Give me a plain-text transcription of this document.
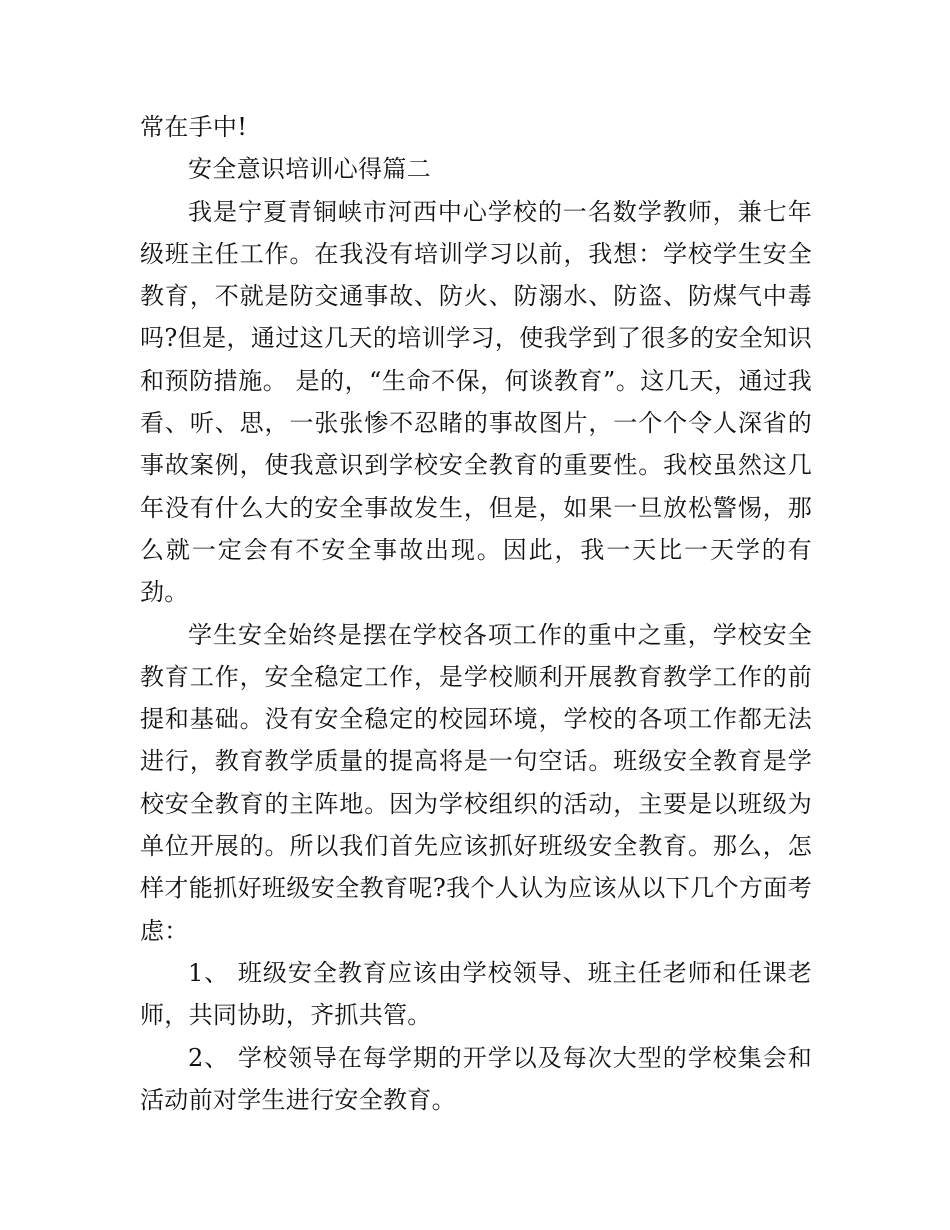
常在手中!

安全意识培训心得篇二

我是宁夏青铜峡市河西中心学校的一名数学教师，兼七年级班主任工作。在我没有培训学习以前，我想：学校学生安全教育，不就是防交通事故、防火、防溺水、防盗、防煤气中毒吗?但是，通过这几天的培训学习，使我学到了很多的安全知识和预防措施。 是的，“生命不保，何谈教育”。这几天，通过我看、听、思，一张张惨不忍睹的事故图片，一个个令人深省的事故案例，使我意识到学校安全教育的重要性。我校虽然这几年没有什么大的安全事故发生，但是，如果一旦放松警惕，那么就一定会有不安全事故出现。因此，我一天比一天学的有劲。

学生安全始终是摆在学校各项工作的重中之重，学校安全教育工作，安全稳定工作，是学校顺利开展教育教学工作的前提和基础。没有安全稳定的校园环境，学校的各项工作都无法进行，教育教学质量的提高将是一句空话。班级安全教育是学校安全教育的主阵地。因为学校组织的活动，主要是以班级为单位开展的。所以我们首先应该抓好班级安全教育。那么，怎样才能抓好班级安全教育呢?我个人认为应该从以下几个方面考虑：

1、 班级安全教育应该由学校领导、班主任老师和任课老师，共同协助，齐抓共管。

2、 学校领导在每学期的开学以及每次大型的学校集会和活动前对学生进行安全教育。
